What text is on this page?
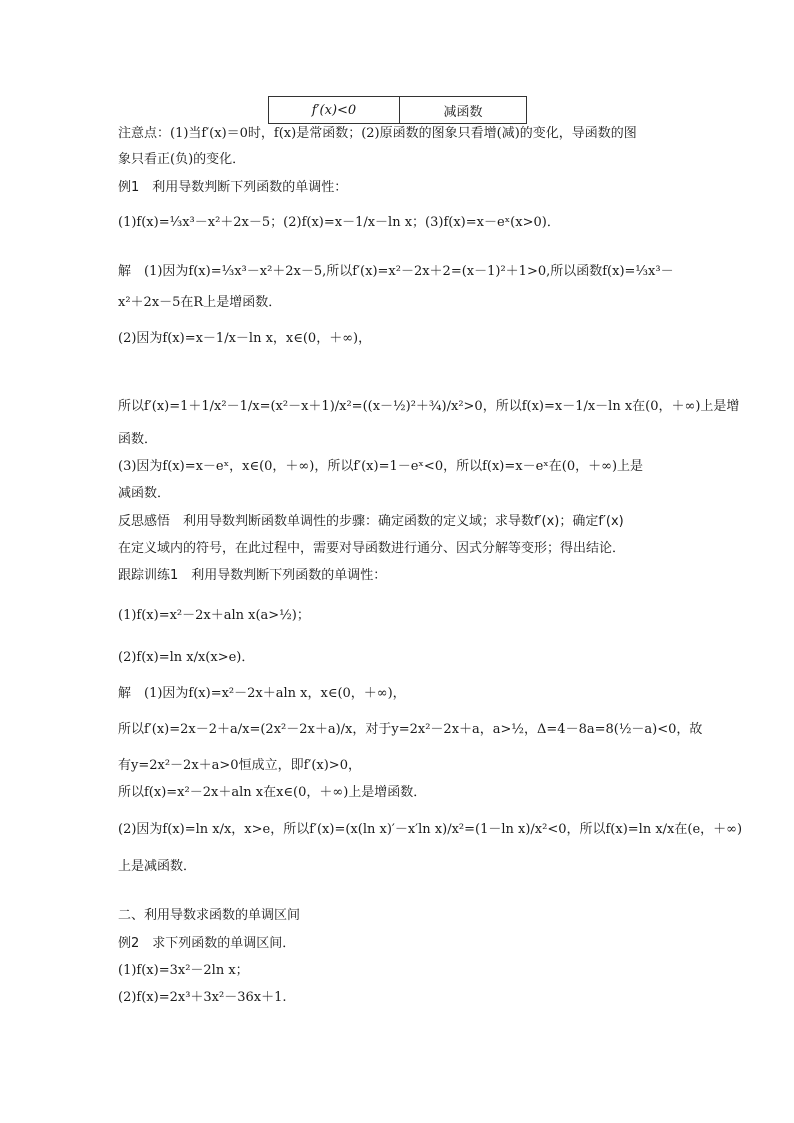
f′(x)<0	减函数
注意点：(1)当f′(x)＝0时，f(x)是常函数；(2)原函数的图象只看增(减)的变化，导函数的图
象只看正(负)的变化．
例1　利用导数判断下列函数的单调性：
(1)f(x)=⅓x³－x²＋2x－5；(2)f(x)=x－1/x－ln x；(3)f(x)=x－eˣ(x>0)．
解　(1)因为f(x)=⅓x³－x²＋2x－5,所以f′(x)=x²－2x＋2=(x－1)²＋1>0,所以函数f(x)=⅓x³－
x²＋2x－5在R上是增函数．
(2)因为f(x)=x－1/x－ln x，x∈(0，＋∞)，
所以f′(x)=1＋1/x²－1/x=(x²－x＋1)/x²=((x－½)²＋¾)/x²>0，所以f(x)=x－1/x－ln x在(0，＋∞)上是增
函数．
(3)因为f(x)=x－eˣ，x∈(0，＋∞)，所以f′(x)=1－eˣ<0，所以f(x)=x－eˣ在(0，＋∞)上是
减函数．
反思感悟　利用导数判断函数单调性的步骤：确定函数的定义域；求导数f′(x)；确定f′(x)
在定义域内的符号，在此过程中，需要对导函数进行通分、因式分解等变形；得出结论．
跟踪训练1　利用导数判断下列函数的单调性：
(1)f(x)=x²－2x＋aln x(a>½)；
(2)f(x)=ln x/x(x>e)．
解　(1)因为f(x)=x²－2x＋aln x，x∈(0，＋∞)，
所以f′(x)=2x－2＋a/x=(2x²－2x＋a)/x，对于y=2x²－2x＋a，a>½，Δ=4－8a=8(½－a)<0，故
有y=2x²－2x＋a>0恒成立，即f′(x)>0，
所以f(x)=x²－2x＋aln x在x∈(0，＋∞)上是增函数．
(2)因为f(x)=ln x/x，x>e，所以f′(x)=(x(ln x)′－x′ln x)/x²=(1－ln x)/x²<0，所以f(x)=ln x/x在(e，＋∞)
上是减函数．
二、利用导数求函数的单调区间
例2　求下列函数的单调区间．
(1)f(x)=3x²－2ln x；
(2)f(x)=2x³＋3x²－36x＋1.
